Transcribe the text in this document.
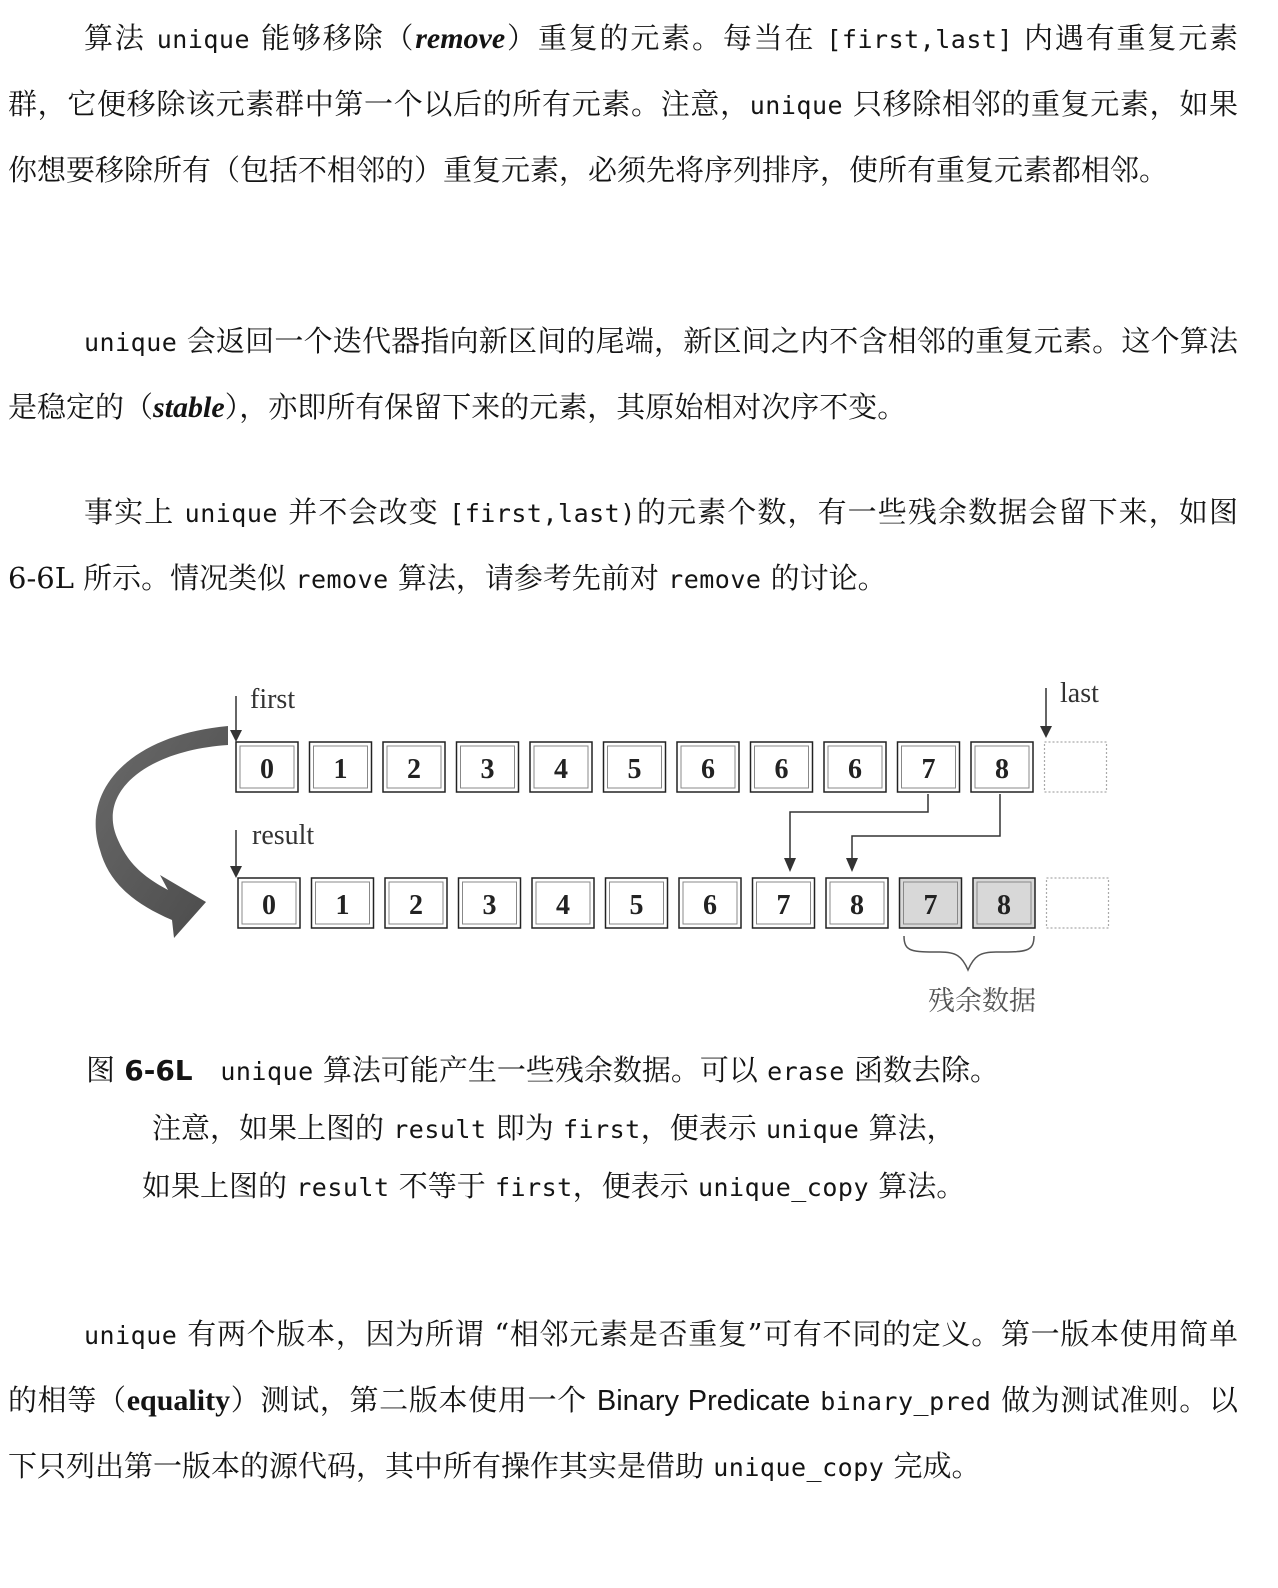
算法 unique 能够移除（remove）重复的元素。每当在 [first,last] 内遇有重复元素群，它便移除该元素群中第一个以后的所有元素。注意，unique 只移除相邻的重复元素，如果你想要移除所有（包括不相邻的）重复元素，必须先将序列排序，使所有重复元素都相邻。

unique 会返回一个迭代器指向新区间的尾端，新区间之内不含相邻的重复元素。这个算法是稳定的（stable），亦即所有保留下来的元素，其原始相对次序不变。

事实上 unique 并不会改变 [first,last)的元素个数，有一些残余数据会留下来，如图 6-6L 所示。情况类似 remove 算法，请参考先前对 remove 的讨论。

first	last
result
0 1 2 3 4 5 6 6 6 7 8
0 1 2 3 4 5 6 7 8 7 8
残余数据
图 6-6L unique 算法可能产生一些残余数据。可以 erase 函数去除。
注意，如果上图的 result 即为 first，便表示 unique 算法，
如果上图的 result 不等于 first，便表示 unique_copy 算法。

unique 有两个版本，因为所谓 “相邻元素是否重复”可有不同的定义。第一版本使用简单的相等（equality）测试，第二版本使用一个 Binary Predicate binary_pred 做为测试准则。以下只列出第一版本的源代码，其中所有操作其实是借助 unique_copy 完成。
